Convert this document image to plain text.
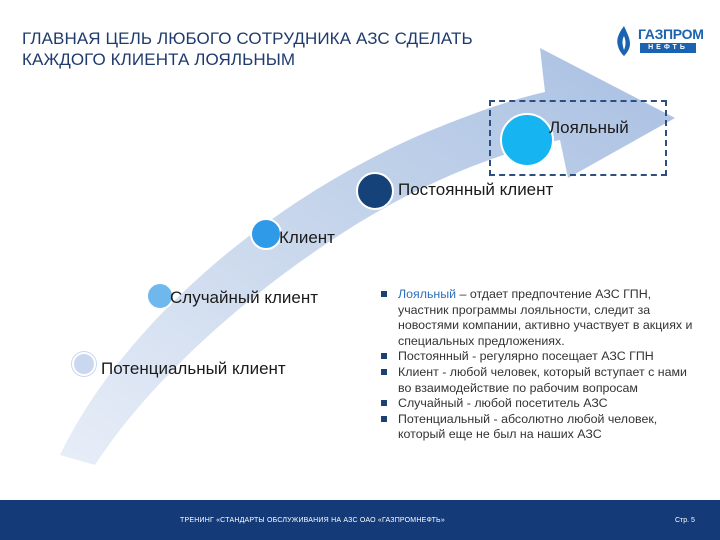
ГЛАВНАЯ ЦЕЛЬ ЛЮБОГО СОТРУДНИКА АЗС СДЕЛАТЬ
КАЖДОГО КЛИЕНТА ЛОЯЛЬНЫМ
ГАЗПРОМ
НЕФТЬ
Потенциальный клиент
Случайный клиент
Клиент
Постоянный клиент
Лояльный
Лояльный – отдает предпочтение АЗС ГПН, участник программы лояльности, следит за новостями компании, активно участвует в акциях и специальных предложениях.
Постоянный - регулярно посещает АЗС ГПН
Клиент - любой человек, который вступает с нами во взаимодействие по рабочим вопросам
Случайный - любой посетитель АЗС
Потенциальный - абсолютно любой человек, который еще не был на наших АЗС
ТРЕНИНГ «СТАНДАРТЫ ОБСЛУЖИВАНИЯ НА АЗС ОАО «ГАЗПРОМНЕФТЬ»	Стр. 5
